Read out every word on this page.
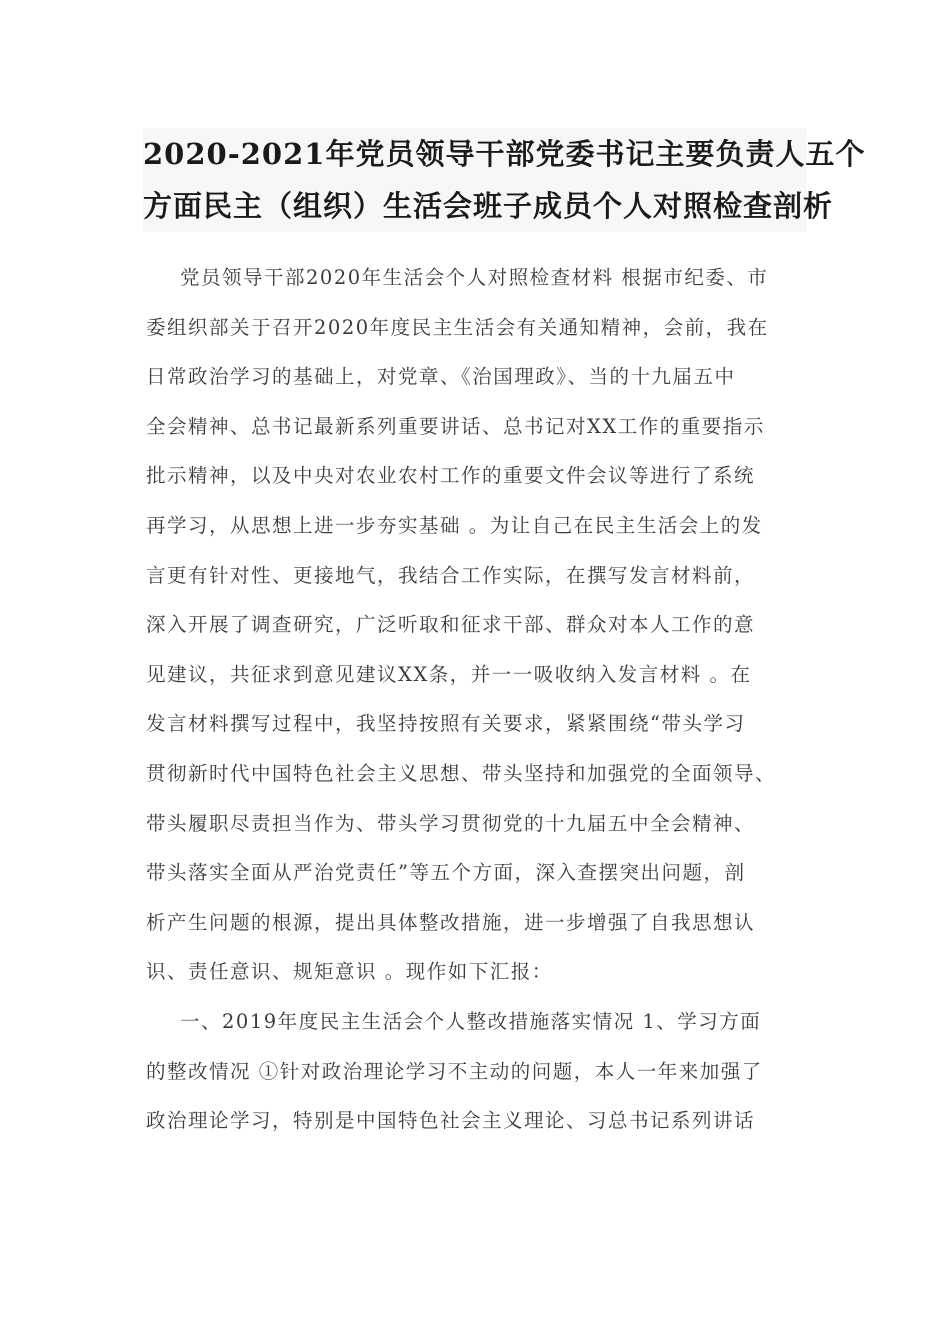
2020-2021年党员领导干部党委书记主要负责人五个
方面民主（组织）生活会班子成员个人对照检查剖析
党员领导干部2020年生活会个人对照检查材料 根据市纪委、市
委组织部关于召开2020年度民主生活会有关通知精神，会前，我在
日常政治学习的基础上，对党章、《治国理政》、当的十九届五中
全会精神、总书记最新系列重要讲话、总书记对XX工作的重要指示
批示精神，以及中央对农业农村工作的重要文件会议等进行了系统
再学习，从思想上进一步夯实基础 。为让自己在民主生活会上的发
言更有针对性、更接地气，我结合工作实际，在撰写发言材料前，
深入开展了调查研究，广泛听取和征求干部、群众对本人工作的意
见建议，共征求到意见建议XX条，并一一吸收纳入发言材料 。在
发言材料撰写过程中，我坚持按照有关要求，紧紧围绕“带头学习
贯彻新时代中国特色社会主义思想、带头坚持和加强党的全面领导、
带头履职尽责担当作为、带头学习贯彻党的十九届五中全会精神、
带头落实全面从严治党责任”等五个方面，深入查摆突出问题，剖
析产生问题的根源，提出具体整改措施，进一步增强了自我思想认
识、责任意识、规矩意识 。现作如下汇报：
一、2019年度民主生活会个人整改措施落实情况 1、学习方面
的整改情况 ①针对政治理论学习不主动的问题，本人一年来加强了
政治理论学习，特别是中国特色社会主义理论、习总书记系列讲话
